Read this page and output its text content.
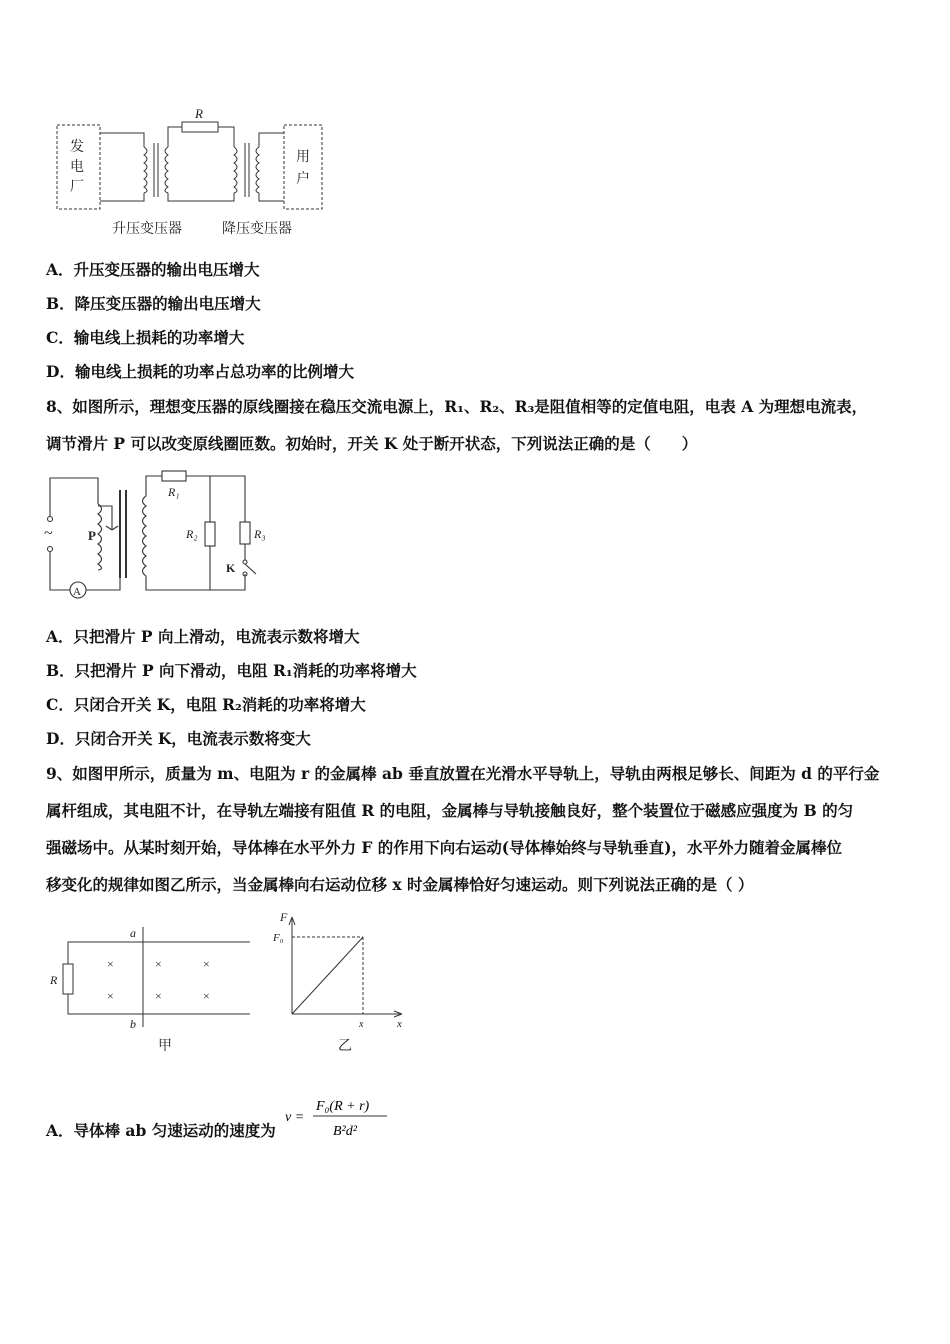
R
发电厂
用户
升压变压器	降压变压器
A．升压变压器的输出电压增大
B．降压变压器的输出电压增大
C．输电线上损耗的功率增大
D．输电线上损耗的功率占总功率的比例增大
8、如图所示，理想变压器的原线圈接在稳压交流电源上，R₁、R₂、R₃是阻值相等的定值电阻，电表 A 为理想电流表，
调节滑片 P 可以改变原线圈匝数。初始时，开关 K 处于断开状态，下列说法正确的是（　　）
~	P
A
R₁
R₂	R₃
K
A．只把滑片 P 向上滑动，电流表示数将增大
B．只把滑片 P 向下滑动，电阻 R₁消耗的功率将增大
C．只闭合开关 K，电阻 R₂消耗的功率将增大
D．只闭合开关 K，电流表示数将变大
9、如图甲所示，质量为 m、电阻为 r 的金属棒 ab 垂直放置在光滑水平导轨上，导轨由两根足够长、间距为 d 的平行金
属杆组成，其电阻不计，在导轨左端接有阻值 R 的电阻，金属棒与导轨接触良好，整个装置位于磁感应强度为 B 的匀
强磁场中。从某时刻开始，导体棒在水平外力 F 的作用下向右运动(导体棒始终与导轨垂直)，水平外力随着金属棒位
移变化的规律如图乙所示，当金属棒向右运动位移 x 时金属棒恰好匀速运动。则下列说法正确的是（ ）
a
b
R
×	×	×
×	×	×
甲
F
F₀
x	x
乙
A．导体棒 ab 匀速运动的速度为
v =
F₀(R + r)
B²d²
